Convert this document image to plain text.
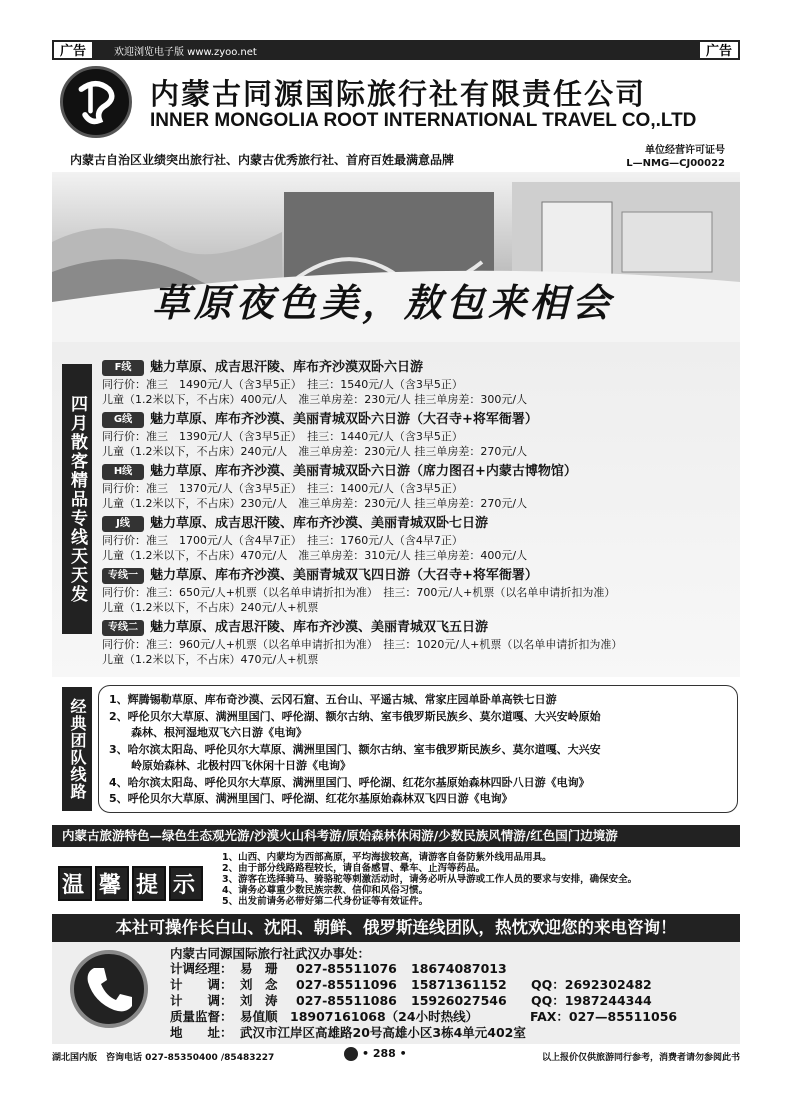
广告	欢迎浏览电子版 www.zyoo.net	广告
内蒙古同源国际旅行社有限责任公司
INNER MONGOLIA ROOT INTERNATIONAL TRAVEL CO,.LTD
内蒙古自治区业绩突出旅行社、内蒙古优秀旅行社、首府百姓最满意品牌
单位经营许可证号
L—NMG—CJ00022
草原夜色美，敖包来相会
四月散客精品专线天天发
F线 魅力草原、成吉思汗陵、库布齐沙漠双卧六日游
同行价：准三　1490元/人（含3早5正）　挂三：1540元/人（含3早5正）
儿童（1.2米以下，不占床）400元/人　准三单房差：230元/人 挂三单房差：300元/人
G线 魅力草原、库布齐沙漠、美丽青城双卧六日游（大召寺+将军衙署）
同行价：准三　1390元/人（含3早5正）　挂三：1440元/人（含3早5正）
儿童（1.2米以下，不占床）240元/人　准三单房差：230元/人 挂三单房差：270元/人
H线 魅力草原、库布齐沙漠、美丽青城双卧六日游（席力图召+内蒙古博物馆）
同行价：准三　1370元/人（含3早5正）　挂三：1400元/人（含3早5正）
儿童（1.2米以下，不占床）230元/人　准三单房差：230元/人 挂三单房差：270元/人
J线 魅力草原、成吉思汗陵、库布齐沙漠、美丽青城双卧七日游
同行价：准三　1700元/人（含4早7正）　挂三：1760元/人（含4早7正）
儿童（1.2米以下，不占床）470元/人　准三单房差：310元/人 挂三单房差：400元/人
专线一 魅力草原、库布齐沙漠、美丽青城双飞四日游（大召寺+将军衙署）
同行价：准三：650元/人+机票（以名单申请折扣为准）　挂三：700元/人+机票（以名单申请折扣为准）
儿童（1.2米以下，不占床）240元/人+机票
专线二 魅力草原、成吉思汗陵、库布齐沙漠、美丽青城双飞五日游
同行价：准三：960元/人+机票（以名单申请折扣为准）　挂三：1020元/人+机票（以名单申请折扣为准）
儿童（1.2米以下，不占床）470元/人+机票
经典团队线路	1、辉腾锡勒草原、库布奇沙漠、云冈石窟、五台山、平遥古城、常家庄园单卧单高铁七日游
2、呼伦贝尔大草原、满洲里国门、呼伦湖、额尔古纳、室韦俄罗斯民族乡、莫尔道嘎、大兴安岭原始
　　森林、根河湿地双飞六日游《电询》
3、哈尔滨太阳岛、呼伦贝尔大草原、满洲里国门、额尔古纳、室韦俄罗斯民族乡、莫尔道嘎、大兴安
　　岭原始森林、北极村四飞休闲十日游《电询》
4、哈尔滨太阳岛、呼伦贝尔大草原、满洲里国门、呼伦湖、红花尔基原始森林四卧八日游《电询》
5、呼伦贝尔大草原、满洲里国门、呼伦湖、红花尔基原始森林双飞四日游《电询》
内蒙古旅游特色—绿色生态观光游/沙漠火山科考游/原始森林休闲游/少数民族风情游/红色国门边境游
温 馨 提 示
1、山西、内蒙均为西部高原，平均海拔较高，请游客自备防紫外线用品用具。
2、由于部分线路路程较长，请自备感冒、晕车、止泻等药品。
3、游客在选择骑马、骑骆驼等刺激活动时，请务必听从导游或工作人员的要求与安排，确保安全。
4、请务必尊重少数民族宗教、信仰和风俗习惯。
5、出发前请务必带好第二代身份证等有效证件。
本社可操作长白山、沈阳、朝鲜、俄罗斯连线团队，热忱欢迎您的来电咨询！
内蒙古同源国际旅行社武汉办事处：
计调经理： 易　珊 027-85511076 18674087013
计　　调： 刘　念 027-85511096 15871361152 QQ：2692302482
计　　调： 刘　涛 027-85511086 15926027546 QQ：1987244344
质量监督： 易值顺　18907161068（24小时热线）	FAX：027—85511056
地　　址： 武汉市江岸区高雄路20号高雄小区3栋4单元402室
湖北国内版　咨询电话 027-85350400 /85483227	• 288 •	以上报价仅供旅游同行参考，消费者请勿参阅此书
